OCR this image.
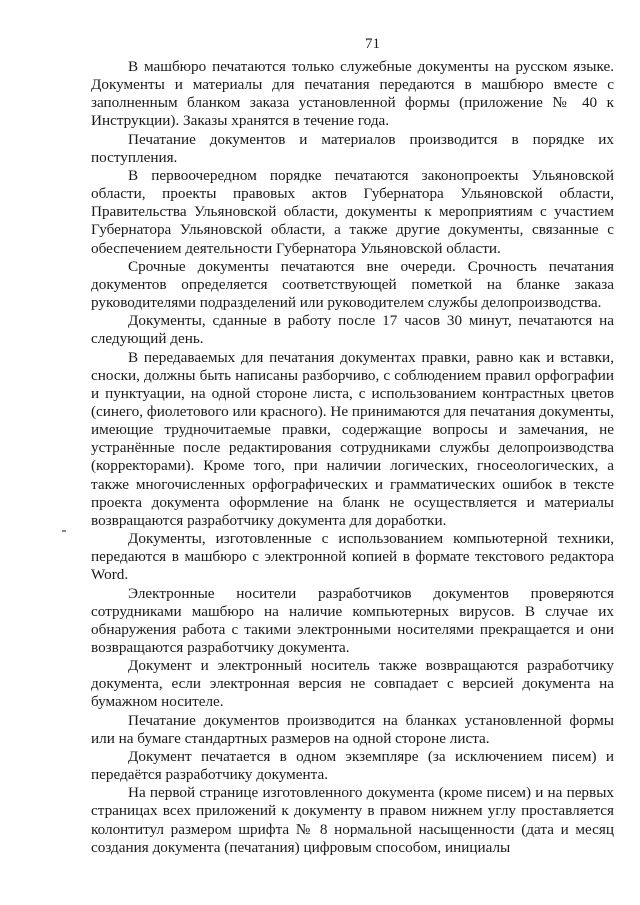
71

В машбюро печатаются только служебные документы на русском языке. Документы и материалы для печатания передаются в машбюро вместе с заполненным бланком заказа установленной формы (приложение № 40 к Инструкции). Заказы хранятся в течение года.

Печатание документов и материалов производится в порядке их поступления.

В первоочередном порядке печатаются законопроекты Ульяновской области, проекты правовых актов Губернатора Ульяновской области, Правительства Ульяновской области, документы к мероприятиям с участием Губернатора Ульяновской области, а также другие документы, связанные с обеспечением деятельности Губернатора Ульяновской области.

Срочные документы печатаются вне очереди. Срочность печатания документов определяется соответствующей пометкой на бланке заказа руководителями подразделений или руководителем службы делопроизводства.

Документы, сданные в работу после 17 часов 30 минут, печатаются на следующий день.

В передаваемых для печатания документах правки, равно как и вставки, сноски, должны быть написаны разборчиво, с соблюдением правил орфографии и пунктуации, на одной стороне листа, с использованием контрастных цветов (синего, фиолетового или красного). Не принимаются для печатания документы, имеющие трудночитаемые правки, содержащие вопросы и замечания, не устранённые после редактирования сотрудниками службы делопроизводства (корректорами). Кроме того, при наличии логических, гносеологических, а также многочисленных орфографических и грамматических ошибок в тексте проекта документа оформление на бланк не осуществляется и материалы возвращаются разработчику документа для доработки.

Документы, изготовленные с использованием компьютерной техники, передаются в машбюро с электронной копией в формате текстового редактора Word.

Электронные носители разработчиков документов проверяются сотрудниками машбюро на наличие компьютерных вирусов. В случае их обнаружения работа с такими электронными носителями прекращается и они возвращаются разработчику документа.

Документ и электронный носитель также возвращаются разработчику документа, если электронная версия не совпадает с версией документа на бумажном носителе.

Печатание документов производится на бланках установленной формы или на бумаге стандартных размеров на одной стороне листа.

Документ печатается в одном экземпляре (за исключением писем) и передаётся разработчику документа.

На первой странице изготовленного документа (кроме писем) и на первых страницах всех приложений к документу в правом нижнем углу проставляется колонтитул размером шрифта № 8 нормальной насыщенности (дата и месяц создания документа (печатания) цифровым способом, инициалы
